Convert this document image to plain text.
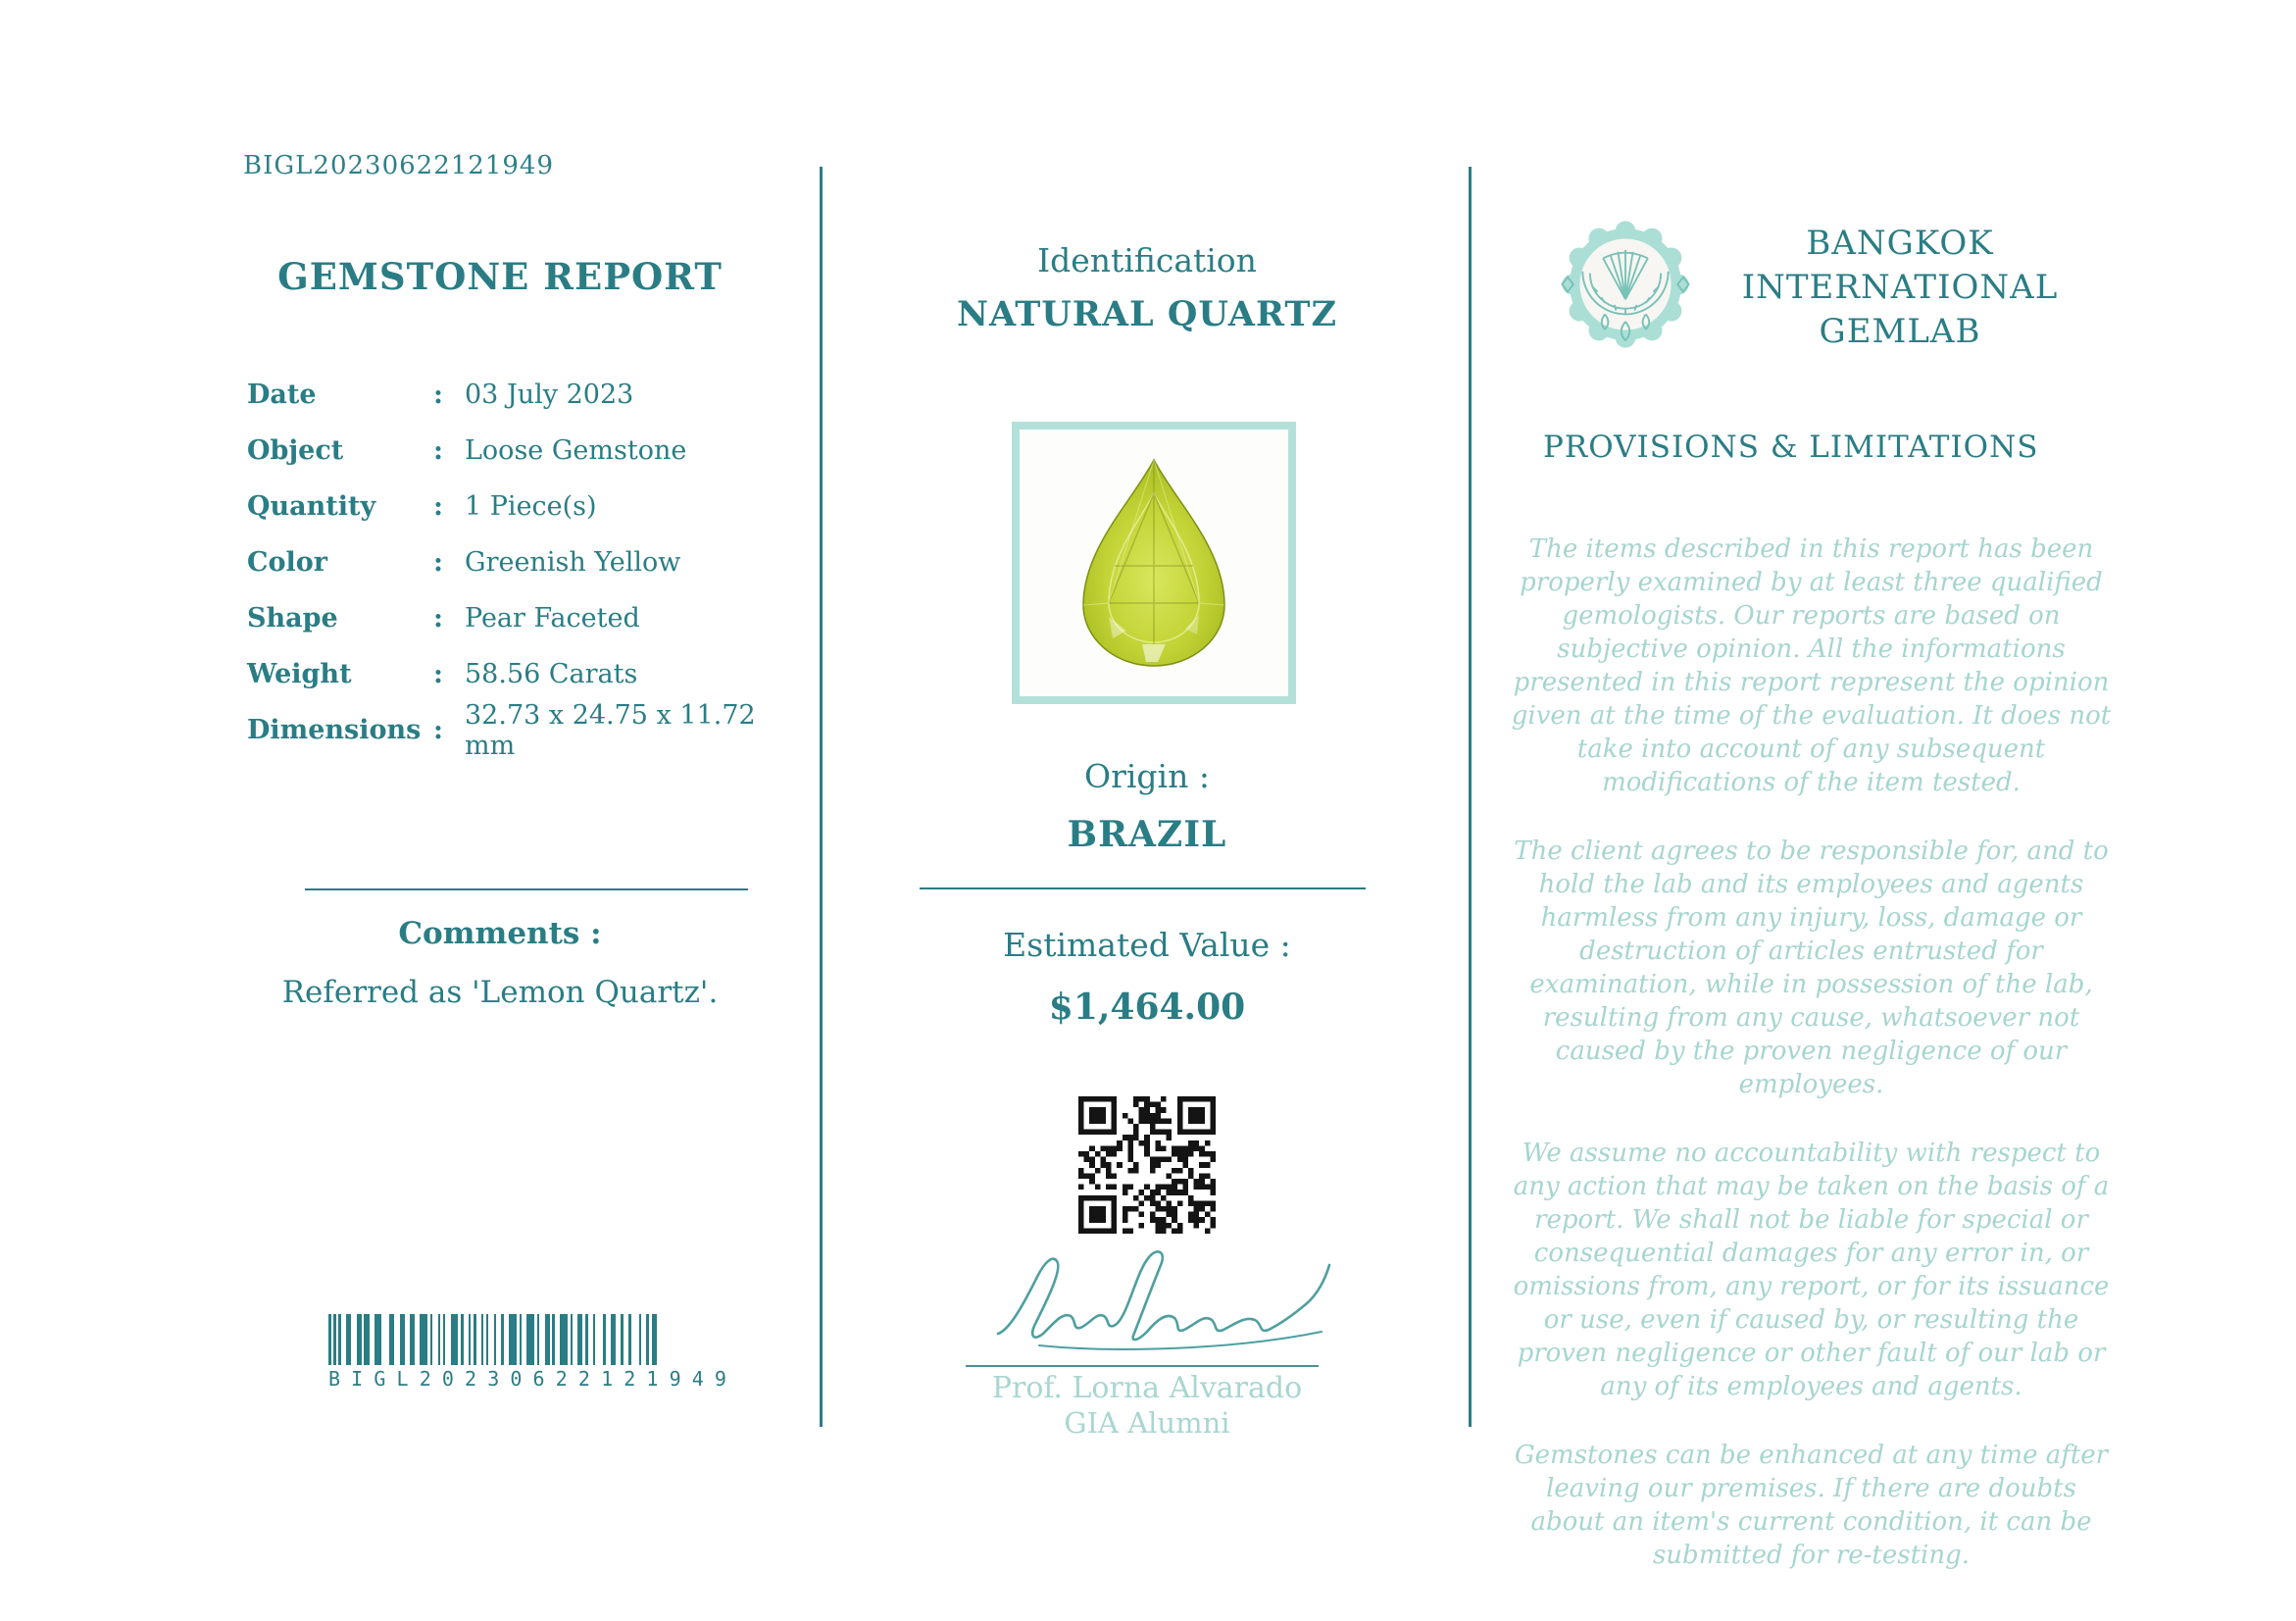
BIGL20230622121949
GEMSTONE REPORT
Date	: 03 July 2023
Object	: Loose Gemstone
Quantity	: 1 Piece(s)
Color	: Greenish Yellow
Shape	: Pear Faceted
Weight	: 58.56 Carats
Dimensions : 32.73 x 24.75 x 11.72 mm
Comments :
Referred as 'Lemon Quartz'.
B I G L 2 0 2 3 0 6 2 2 1 2 1 9 4 9
Identification
NATURAL QUARTZ
Origin :
BRAZIL
Estimated Value :
$1,464.00
Prof. Lorna Alvarado
GIA Alumni
BANGKOK INTERNATIONAL GEMLAB
PROVISIONS & LIMITATIONS

The items described in this report has been properly examined by at least three qualified gemologists. Our reports are based on subjective opinion. All the informations presented in this report represent the opinion given at the time of the evaluation. It does not take into account of any subsequent modifications of the item tested.

The client agrees to be responsible for, and to hold the lab and its employees and agents harmless from any injury, loss, damage or destruction of articles entrusted for examination, while in possession of the lab, resulting from any cause, whatsoever not caused by the proven negligence of our employees.

We assume no accountability with respect to any action that may be taken on the basis of a report. We shall not be liable for special or consequential damages for any error in, or omissions from, any report, or for its issuance or use, even if caused by, or resulting the proven negligence or other fault of our lab or any of its employees and agents.

Gemstones can be enhanced at any time after leaving our premises. If there are doubts about an item's current condition, it can be submitted for re-testing.
